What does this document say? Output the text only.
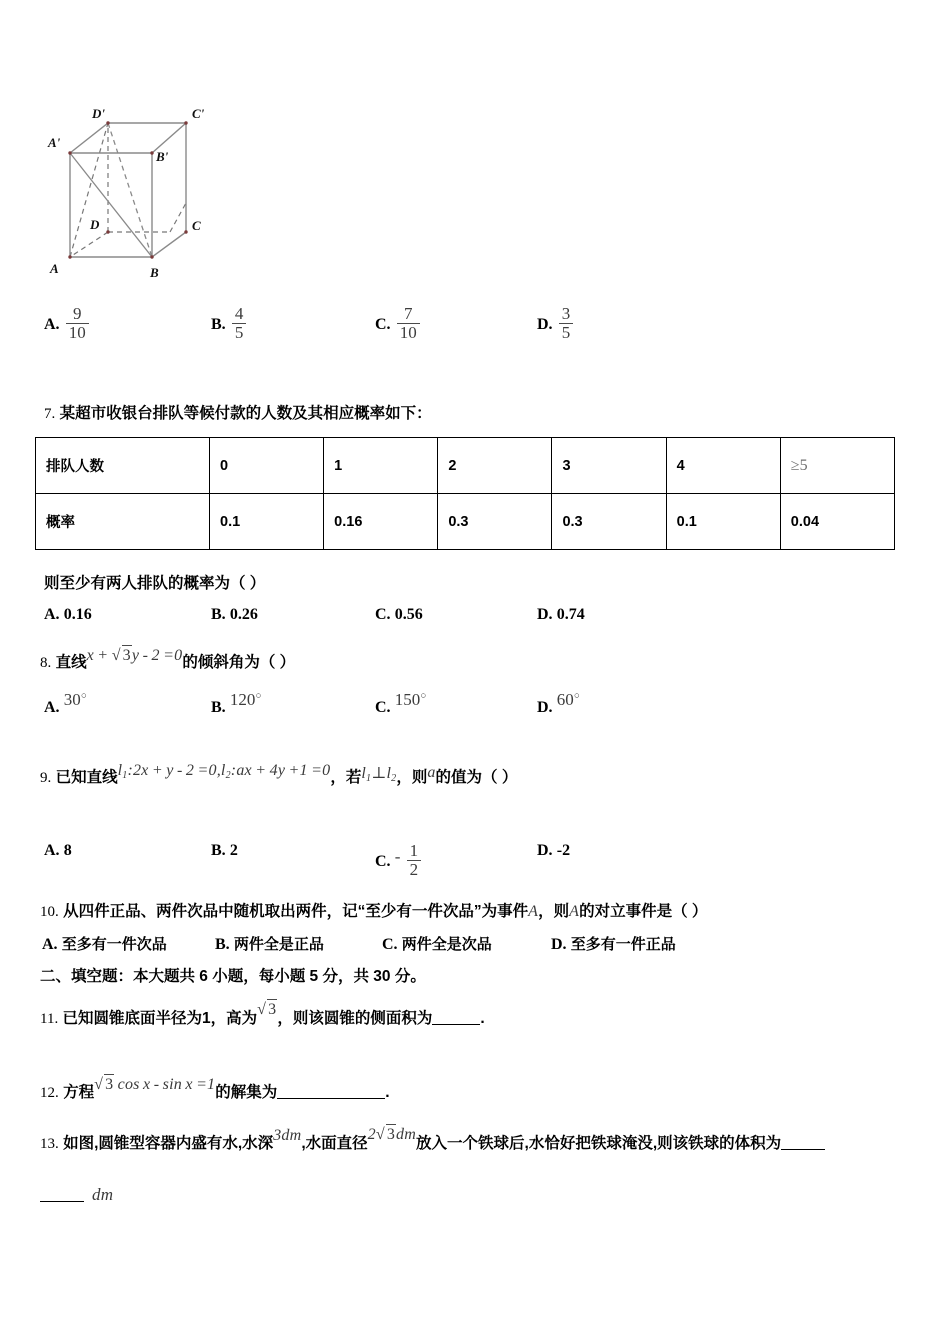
D'	C'
A'
B'
D	C
A	B
A. $\frac{9}{10}$	B. $\frac{4}{5}$	C. $\frac{7}{10}$	D. $\frac{3}{5}$
7. 某超市收银台排队等候付款的人数及其相应概率如下：
排队人数	0	1	2	3	4	≥5
概率	0.1	0.16	0.3	0.3	0.1	0.04
则至少有两人排队的概率为（ ）
A. 0.16	B. 0.26	C. 0.56	D. 0.74
8. 直线x + √ 3y - 2 =0的倾斜角为（ ）
A. 30○
B. 120○
C. 150○
D. 60○
9. 已知直线$l_1:2x + y - 2$ $=0,l_2:ax + 4y +1 =0$，若$l_1\perp l_2$，则a的值为（ ）
A. 8	B. 2
C. - $\frac{1}{2}$	D. -2
10. 从四件正品、两件次品中随机取出两件，记“至少有一件次品”为事件A，则A的对立事件是（ ）
A. 至多有一件次品	B. 两件全是正品	C. 两件全是次品	D. 至多有一件正品
二、填空题：本大题共 6 小题，每小题 5 分，共 30 分。
11. 已知圆锥底面半径为1，高为√ 3，则该圆锥的侧面积为	.
12. 方程√ 3 cos x -  sin x =1的解集为	.
13. 如图,圆锥型容器内盛有水,水深3dm,水面直径2√ 3dm放入一个铁球后,水恰好把铁球淹没,则该铁球的体积为
dm
